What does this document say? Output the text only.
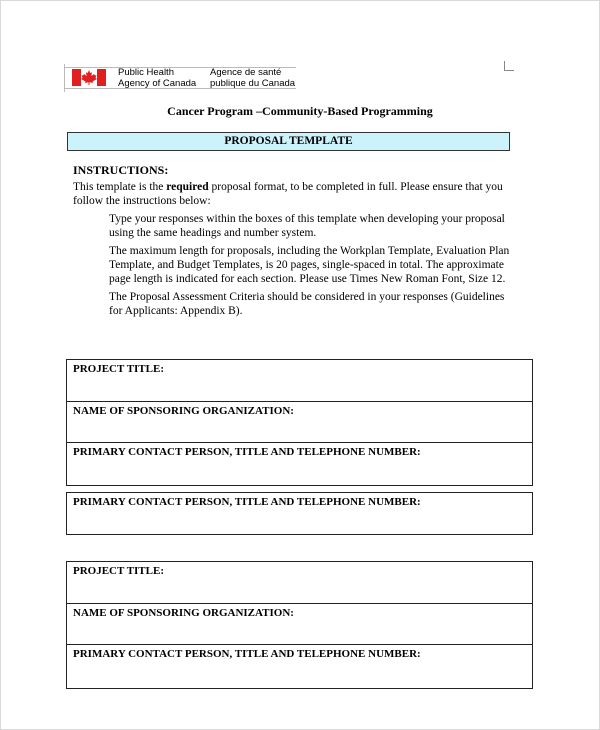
Public Health
Agency of Canada
Agence de santé
publique du Canada
Cancer Program –Community-Based Programming
PROPOSAL TEMPLATE
INSTRUCTIONS:
This template is the required proposal format, to be completed in full. Please ensure that you follow the instructions below:
Type your responses within the boxes of this template when developing your proposal using the same headings and number system.
The maximum length for proposals, including the Workplan Template, Evaluation Plan Template, and Budget Templates, is 20 pages, single-spaced in total. The approximate page length is indicated for each section. Please use Times New Roman Font, Size 12.
The Proposal Assessment Criteria should be considered in your responses (Guidelines for Applicants: Appendix B).
PROJECT TITLE:
NAME OF SPONSORING ORGANIZATION:
PRIMARY CONTACT PERSON, TITLE AND TELEPHONE NUMBER:
PRIMARY CONTACT PERSON, TITLE AND TELEPHONE NUMBER:
PROJECT TITLE:
NAME OF SPONSORING ORGANIZATION:
PRIMARY CONTACT PERSON, TITLE AND TELEPHONE NUMBER:
